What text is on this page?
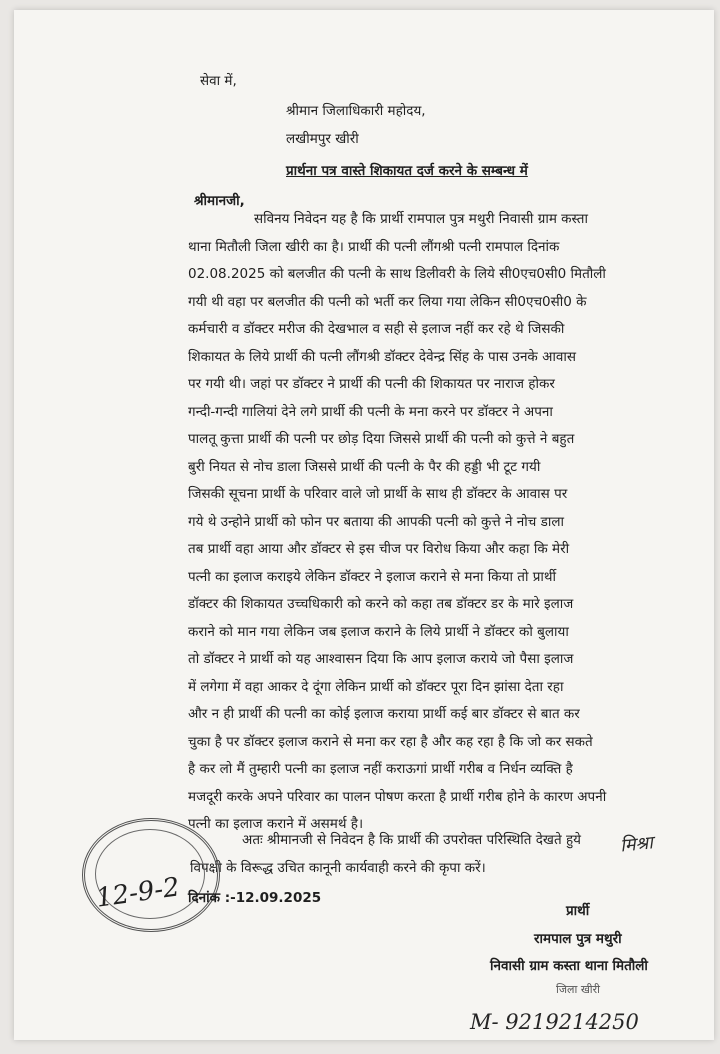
सेवा में,
श्रीमान जिलाधिकारी महोदय,
लखीमपुर खीरी
प्रार्थना पत्र वास्ते शिकायत दर्ज करने के सम्बन्ध में
श्रीमानजी,
सविनय निवेदन यह है कि प्रार्थी रामपाल पुत्र मथुरी निवासी ग्राम कस्ता
थाना मितौली जिला खीरी का है। प्रार्थी की पत्नी लौंगश्री पत्नी रामपाल दिनांक
02.08.2025 को बलजीत की पत्नी के साथ डिलीवरी के लिये सी0एच0सी0 मितौली
गयी थी वहा पर बलजीत की पत्नी को भर्ती कर लिया गया लेकिन सी0एच0सी0 के
कर्मचारी व डॉक्टर मरीज की देखभाल व सही से इलाज नहीं कर रहे थे जिसकी
शिकायत के लिये प्रार्थी की पत्नी लौंगश्री डॉक्टर देवेन्द्र सिंह के पास उनके आवास
पर गयी थी। जहां पर डॉक्टर ने प्रार्थी की पत्नी की शिकायत पर नाराज होकर
गन्दी-गन्दी गालियां देने लगे प्रार्थी की पत्नी के मना करने पर डॉक्टर ने अपना
पालतू कुत्ता प्रार्थी की पत्नी पर छोड़ दिया जिससे प्रार्थी की पत्नी को कुत्ते ने बहुत
बुरी नियत से नोच डाला जिससे प्रार्थी की पत्नी के पैर की हड्डी भी टूट गयी
जिसकी सूचना प्रार्थी के परिवार वाले जो प्रार्थी के साथ ही डॉक्टर के आवास पर
गये थे उन्होने प्रार्थी को फोन पर बताया की आपकी पत्नी को कुत्ते ने नोच डाला
तब प्रार्थी वहा आया और डॉक्टर से इस चीज पर विरोध किया और कहा कि मेरी
पत्नी का इलाज कराइये लेकिन डॉक्टर ने इलाज कराने से मना किया तो प्रार्थी
डॉक्टर की शिकायत उच्चधिकारी को करने को कहा तब डॉक्टर डर के मारे इलाज
कराने को मान गया लेकिन जब इलाज कराने के लिये प्रार्थी ने डॉक्टर को बुलाया
तो डॉक्टर ने प्रार्थी को यह आश्वासन दिया कि आप इलाज कराये जो पैसा इलाज
में लगेगा में वहा आकर दे दूंगा लेकिन प्रार्थी को डॉक्टर पूरा दिन झांसा देता रहा
और न ही प्रार्थी की पत्नी का कोई इलाज कराया प्रार्थी कई बार डॉक्टर से बात कर
चुका है पर डॉक्टर इलाज कराने से मना कर रहा है और कह रहा है कि जो कर सकते
है कर लो मैं तुम्हारी पत्नी का इलाज नहीं कराऊगां प्रार्थी गरीब व निर्धन व्यक्ति है
मजदूरी करके अपने परिवार का पालन पोषण करता है प्रार्थी गरीब होने के कारण अपनी
पत्नी का इलाज कराने में असमर्थ है।
अतः श्रीमानजी से निवेदन है कि प्रार्थी की उपरोक्त परिस्थिति देखते हुये
विपक्षी के विरूद्ध उचित कानूनी कार्यवाही करने की कृपा करें।
12-9-2 दिनांक :-12.09.2025
मिश्रा
प्रार्थी
रामपाल पुत्र मथुरी
निवासी ग्राम कस्ता थाना मितौली
जिला खीरी
M- 9219214250
